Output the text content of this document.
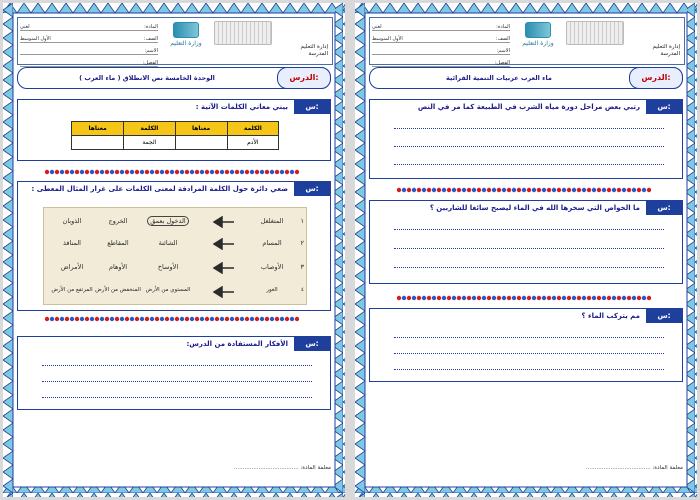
المادة:
لغتي
الصف:
الأول المتوسط
الاسم:
الفصل:
وزارة التعليم	إدارة التعليم
المدرسة
الدرس:
الوحدة الخامسة نص الانطلاق ( ماء العرب )
س:
بيني معاني الكلمات الآتية :
الكلمة	معناها	الكلمة	معناها
الأدم		الجمة	
س:
ضعي دائرة حول الكلمة المرادفة لمعنى الكلمات على غرار المثال المعطى :
١
المتغلغل
الدخول بعمق
الخروج
الذوبان
٢
المسام
الشائنة
المقاطع
المنافذ
٣
الأوصاب
الأوساخ
الأوهام
الأمراض
٤
الغور
المستوي من الأرض
المنخفض من الأرض
المرتفع من الأرض
س:
الأفكار المستفادة من الدرس:
معلمة المادة: .....................................
المادة:
لغتي
الصف:
الأول المتوسط
الاسم:
الفصل:
وزارة التعليم	إدارة التعليم
المدرسة
الدرس:
ماء العرب عربيات التنمية القرائية
س:
رتبي بعض مراحل دورة مياه الشرب في الطبيعة كما مر في النص
س:
ما الخواص التي سخرها الله في الماء ليصبح سائغا للشاربين ؟
س:
مم يتركب الماء ؟
معلمة المادة: .....................................
